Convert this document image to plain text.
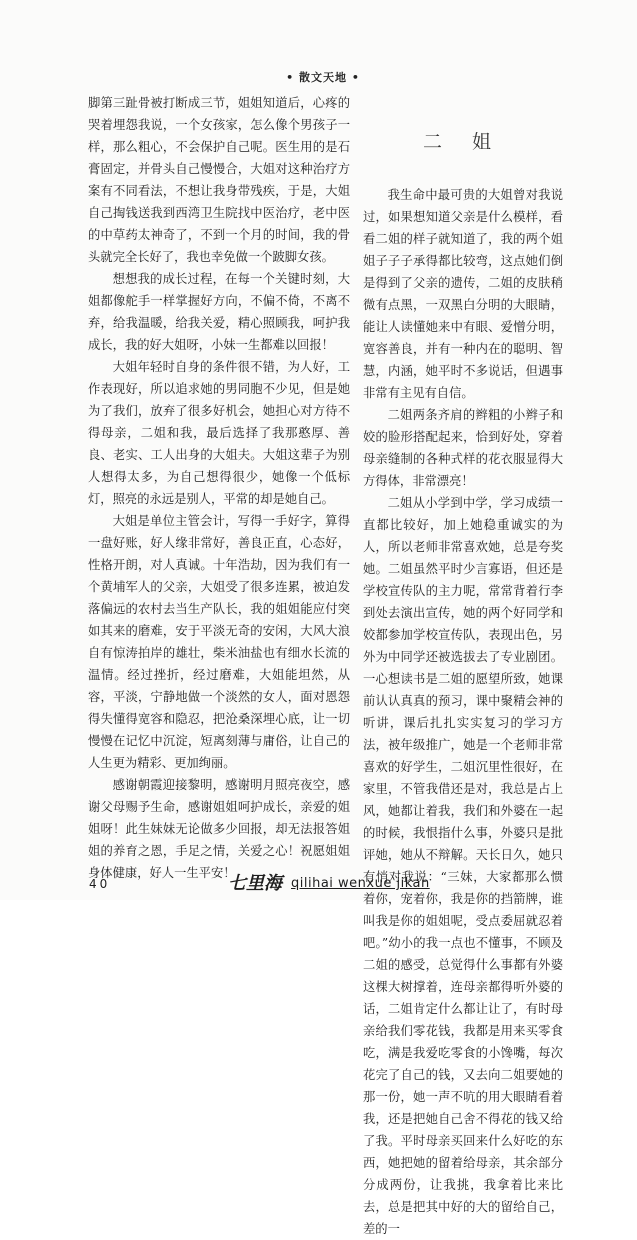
• 散文天地 •

脚第三趾骨被打断成三节，姐姐知道后，心疼的哭着埋怨我说，一个女孩家，怎么像个男孩子一样，那么粗心，不会保护自己呢。医生用的是石膏固定，并骨头自己慢慢合，大姐对这种治疗方案有不同看法，不想让我身带残疾，于是，大姐自己掏钱送我到西湾卫生院找中医治疗，老中医的中草药太神奇了，不到一个月的时间，我的骨头就完全长好了，我也幸免做一个跛脚女孩。

想想我的成长过程，在每一个关键时刻，大姐都像舵手一样掌握好方向，不偏不倚，不离不弃，给我温暖，给我关爱，精心照顾我，呵护我成长，我的好大姐呀，小妹一生都难以回报！

大姐年轻时自身的条件很不错，为人好，工作表现好，所以追求她的男同胞不少见，但是她为了我们，放弃了很多好机会，她担心对方待不得母亲，二姐和我，最后选择了我那憨厚、善良、老实、工人出身的大姐夫。大姐这辈子为别人想得太多，为自己想得很少，她像一个低标灯，照亮的永远是别人，平常的却是她自己。

大姐是单位主管会计，写得一手好字，算得一盘好账，好人缘非常好，善良正直，心态好，性格开朗，对人真诚。十年浩劫，因为我们有一个黄埔军人的父亲，大姐受了很多连累，被迫发落偏远的农村去当生产队长，我的姐姐能应付突如其来的磨难，安于平淡无奇的安闲，大风大浪自有惊涛拍岸的雄壮，柴米油盐也有细水长流的温情。经过挫折，经过磨难，大姐能坦然，从容，平淡，宁静地做一个淡然的女人，面对恩怨得失懂得宽容和隐忍，把沧桑深埋心底，让一切慢慢在记忆中沉淀，短离刻薄与庸俗，让自己的人生更为精彩、更加绚丽。

感谢朝霞迎接黎明，感谢明月照亮夜空，感谢父母赐予生命，感谢姐姐呵护成长，亲爱的姐姐呀！此生妹妹无论做多少回报，却无法报答姐姐的养育之恩，手足之情，关爱之心！祝愿姐姐身体健康，好人一生平安！

二 姐

我生命中最可贵的大姐曾对我说过，如果想知道父亲是什么模样，看看二姐的样子就知道了，我的两个姐姐子子子承得都比较弯，这点她们倒是得到了父亲的遗传，二姐的皮肤稍微有点黑，一双黑白分明的大眼睛，能让人读懂她来中有眼、爱憎分明，宽容善良，并有一种内在的聪明、智慧，内涵，她平时不多说话，但遇事非常有主见有自信。

二姐两条齐肩的辫粗的小辫子和姣的脸形搭配起来，恰到好处，穿着母亲缝制的各种式样的花衣服显得大方得体，非常漂亮！

二姐从小学到中学，学习成绩一直都比较好，加上她稳重诚实的为人，所以老师非常喜欢她，总是夸奖她。二姐虽然平时少言寡语，但还是学校宣传队的主力呢，常常背着行李到处去演出宣传，她的两个好同学和姣都参加学校宣传队，表现出色，另外为中同学还被选拔去了专业剧团。一心想读书是二姐的愿望所致，她课前认认真真的预习，课中聚精会神的听讲，课后扎扎实实复习的学习方法，被年级推广，她是一个老师非常喜欢的好学生，二姐沉里性很好，在家里，不管我借还是对，我总是占上风，她都让着我，我们和外婆在一起的时候，我恨指什么事，外婆只是批评她，她从不辩解。天长日久，她只有悄对我说：“三妹，大家都那么惯着你，宠着你，我是你的挡箭牌，谁叫我是你的姐姐呢，受点委屈就忍着吧。”幼小的我一点也不懂事，不顾及二姐的感受，总觉得什么事都有外婆这棵大树撑着，连母亲都得听外婆的话，二姐肯定什么都让让了，有时母亲给我们零花钱，我都是用来买零食吃，满是我爱吃零食的小馋嘴，每次花完了自己的钱，又去向二姐要她的那一份，她一声不吭的用大眼睛看着我，还是把她自己舍不得花的钱又给了我。平时母亲买回来什么好吃的东西，她把她的留着给母亲，其余部分分成两份，让我挑，我拿着比来比去，总是把其中好的大的留给自己，差的一

40	七里海 qilihai wenxue jikan
